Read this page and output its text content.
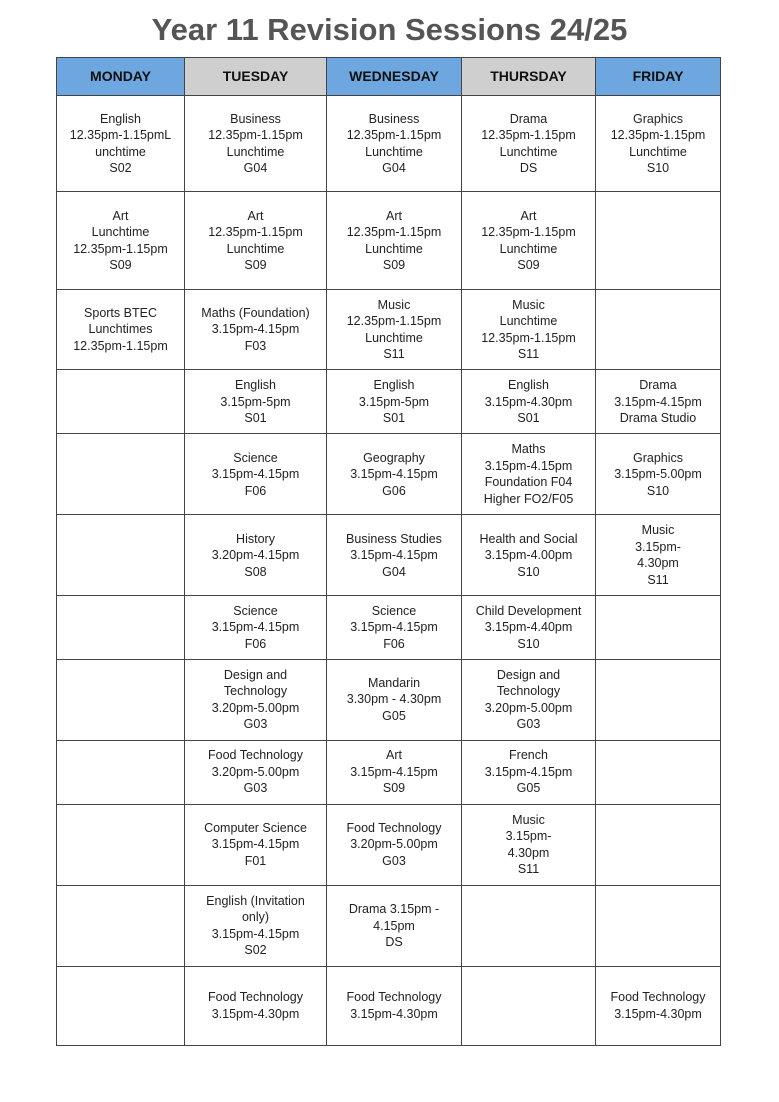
Year 11 Revision Sessions 24/25
MONDAY	TUESDAY	WEDNESDAY	THURSDAY	FRIDAY

English
12.35pm-1.15pmL
unchtime
S02	Business
12.35pm-1.15pm
Lunchtime
G04	Business
12.35pm-1.15pm
Lunchtime
G04	Drama
12.35pm-1.15pm
Lunchtime
DS	Graphics
12.35pm-1.15pm
Lunchtime
S10

Art
Lunchtime
12.35pm-1.15pm
S09	Art
12.35pm-1.15pm
Lunchtime
S09	Art
12.35pm-1.15pm
Lunchtime
S09	Art
12.35pm-1.15pm
Lunchtime
S09	

Sports BTEC
Lunchtimes
12.35pm-1.15pm	Maths (Foundation)
3.15pm-4.15pm
F03	Music
12.35pm-1.15pm
Lunchtime
S11	Music
Lunchtime
12.35pm-1.15pm
S11	

	English
3.15pm-5pm
S01	English
3.15pm-5pm
S01	English
3.15pm-4.30pm
S01	Drama
3.15pm-4.15pm
Drama Studio

	Science
3.15pm-4.15pm
F06	Geography
3.15pm-4.15pm
G06	Maths
3.15pm-4.15pm
Foundation F04
Higher FO2/F05	Graphics
3.15pm-5.00pm
S10

	History
3.20pm-4.15pm
S08	Business Studies
3.15pm-4.15pm
G04	Health and Social
3.15pm-4.00pm
S10	Music
3.15pm-
4.30pm
S11

	Science
3.15pm-4.15pm
F06	Science
3.15pm-4.15pm
F06	Child Development
3.15pm-4.40pm
S10	

	Design and
Technology
3.20pm-5.00pm
G03	Mandarin
3.30pm - 4.30pm
G05	Design and
Technology
3.20pm-5.00pm
G03	

	Food Technology
3.20pm-5.00pm
G03	Art
3.15pm-4.15pm
S09	French
3.15pm-4.15pm
G05	

	Computer Science
3.15pm-4.15pm
F01	Food Technology
3.20pm-5.00pm
G03	Music
3.15pm-
4.30pm
S11	

	English (Invitation
only)
3.15pm-4.15pm
S02	Drama 3.15pm -
4.15pm
DS		

	Food Technology
3.15pm-4.30pm	Food Technology
3.15pm-4.30pm		Food Technology
3.15pm-4.30pm
